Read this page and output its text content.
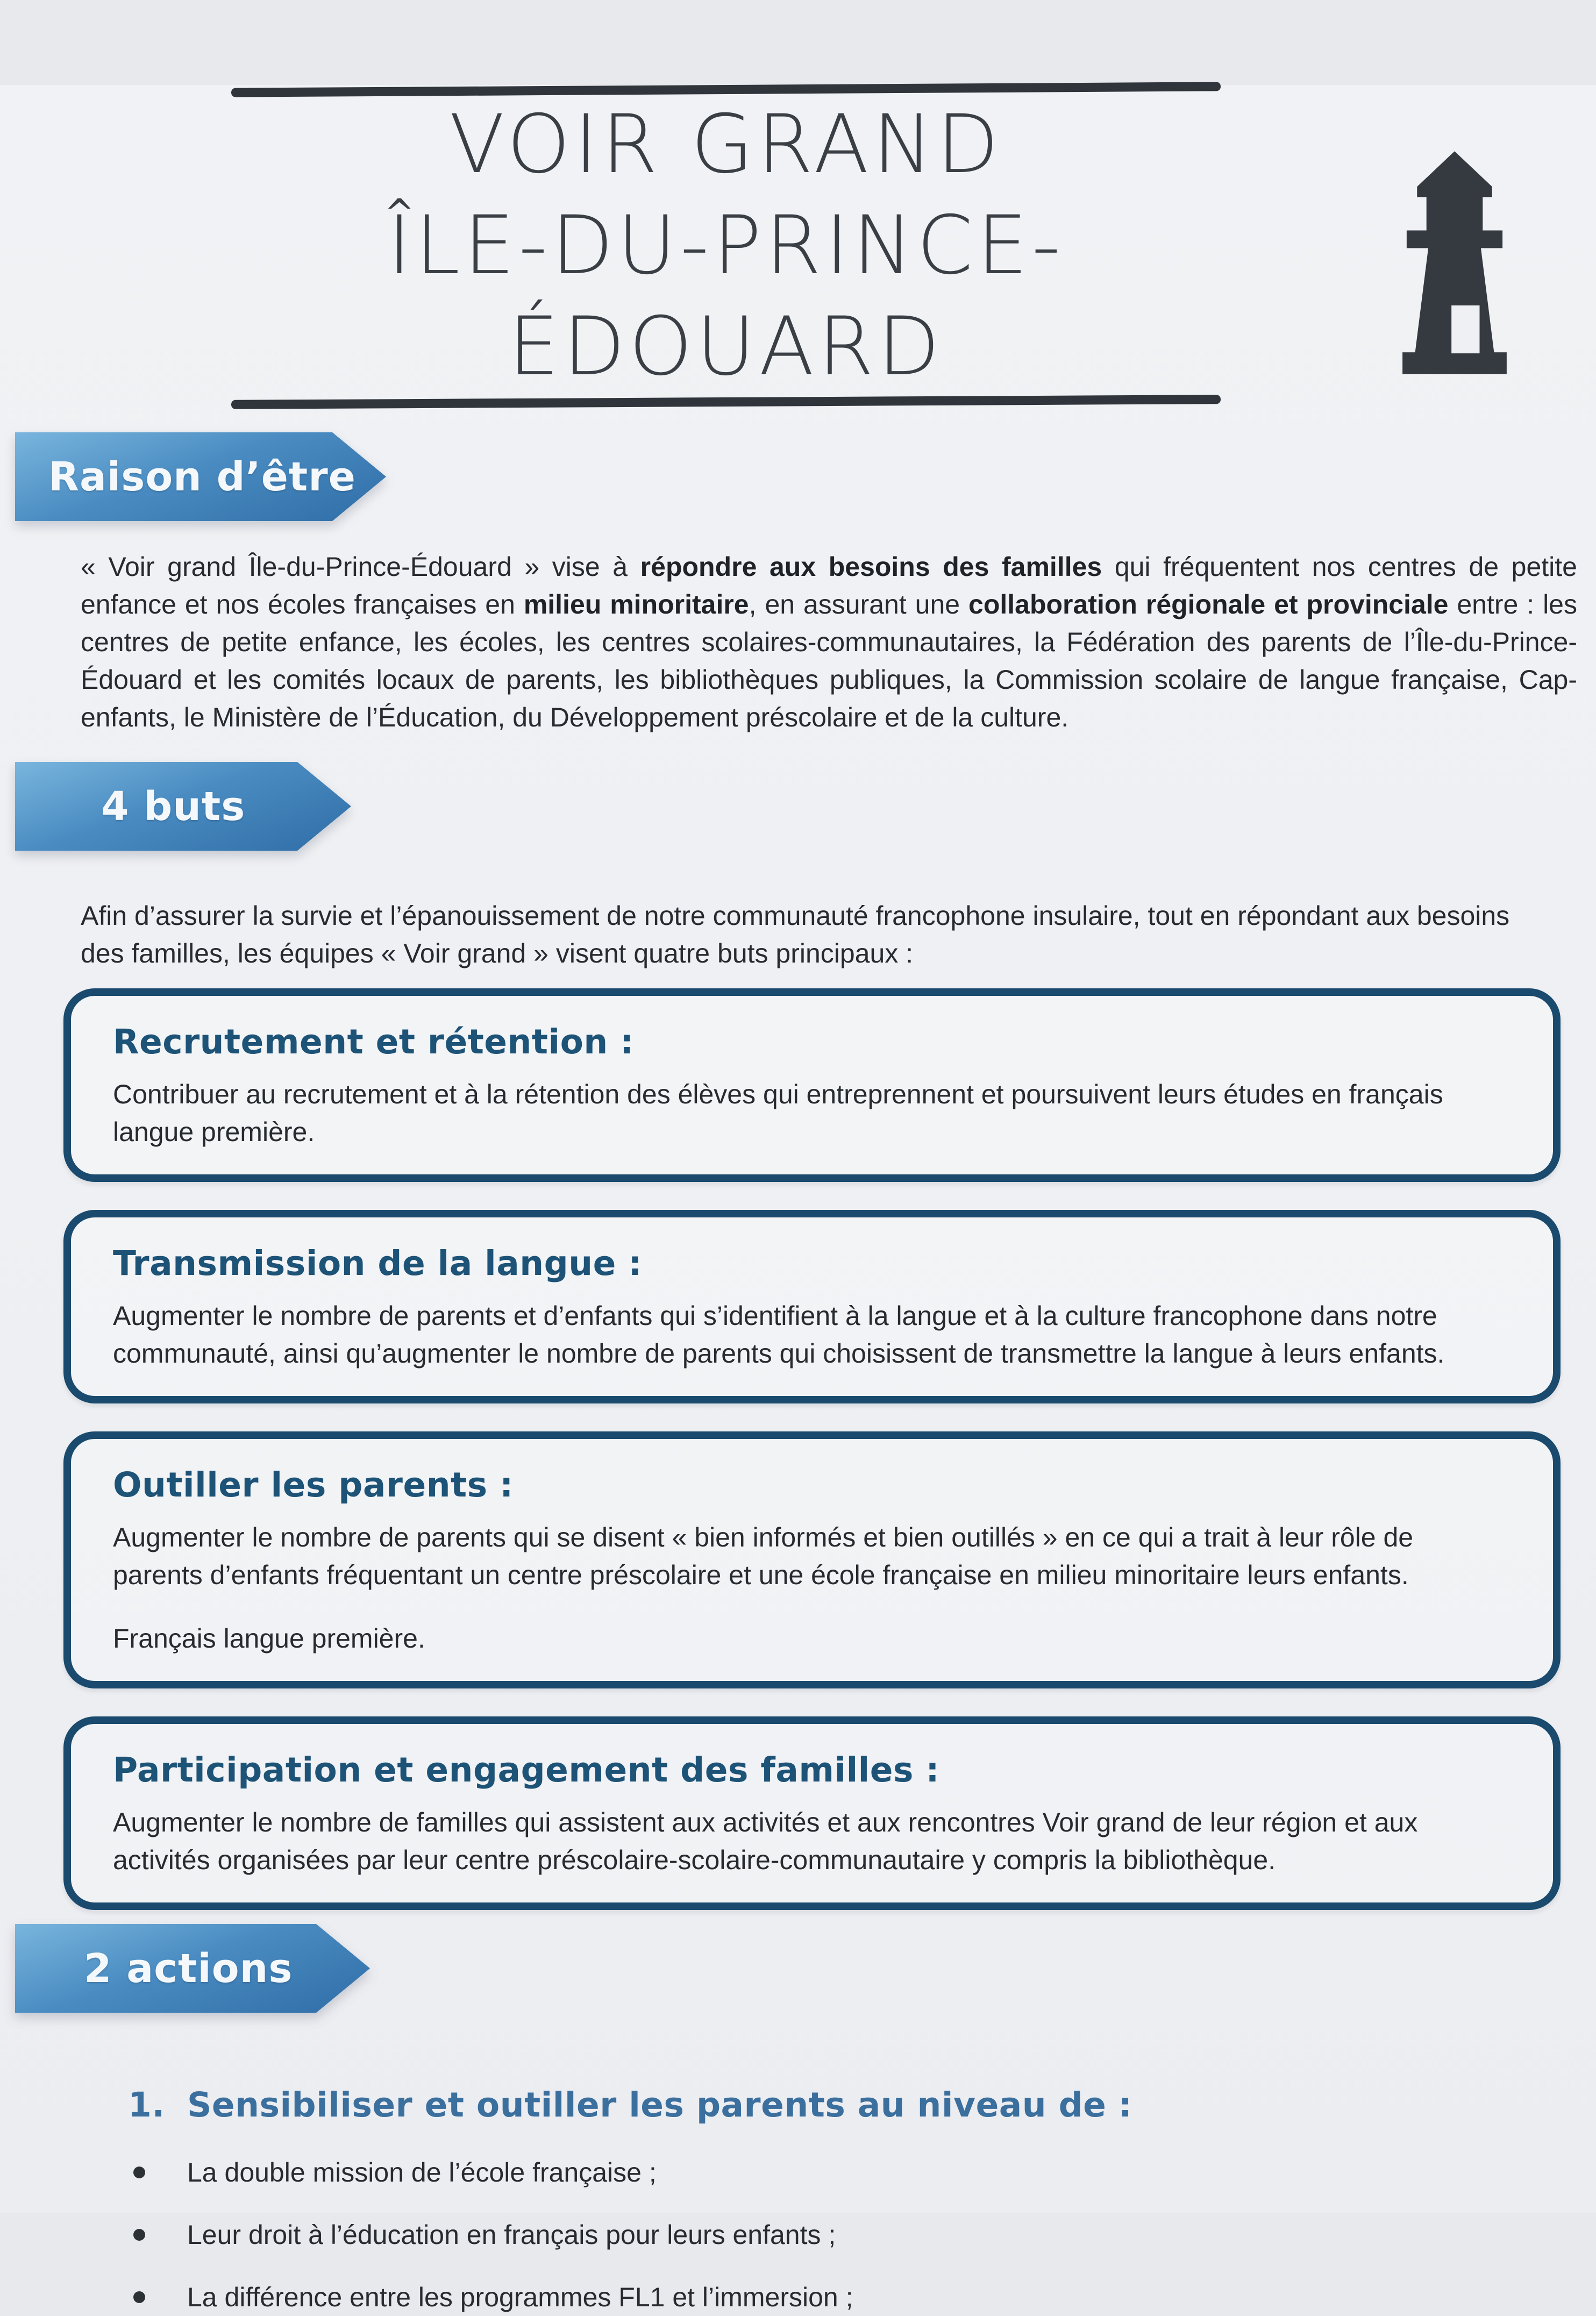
VOIR GRAND
ÎLE-DU-PRINCE-ÉDOUARD
Raison d’être

« Voir grand Île-du-Prince-Édouard » vise à répondre aux besoins des familles qui fréquentent nos centres de petite enfance et nos écoles françaises en milieu minoritaire, en assurant une collaboration régionale et provinciale entre : les centres de petite enfance, les écoles, les centres scolaires-communautaires, la Fédération des parents de l’Île-du-Prince-Édouard et les comités locaux de parents, les bibliothèques publiques, la Commission scolaire de langue française, Cap-enfants, le Ministère de l’Éducation, du Développement préscolaire et de la culture.

4 buts

Afin d’assurer la survie et l’épanouissement de notre communauté francophone insulaire, tout en répondant aux besoins des familles, les équipes « Voir grand » visent quatre buts principaux :

Recrutement et rétention :

Contribuer au recrutement et à la rétention des élèves qui entreprennent et poursuivent leurs études en français langue première.

Transmission de la langue :

Augmenter le nombre de parents et d’enfants qui s’identifient à la langue et à la culture francophone dans notre communauté, ainsi qu’augmenter le nombre de parents qui choisissent de transmettre la langue à leurs enfants.

Outiller les parents :

Augmenter le nombre de parents qui se disent « bien informés et bien outillés » en ce qui a trait à leur rôle de parents d’enfants fréquentant un centre préscolaire et une école française en milieu minoritaire leurs enfants.

Français langue première.

Participation et engagement des familles :

Augmenter le nombre de familles qui assistent aux activités et aux rencontres Voir grand de leur région et aux activités organisées par leur centre préscolaire-scolaire-communautaire y compris la bibliothèque.

2 actions
1. Sensibiliser et outiller les parents au niveau de :
La double mission de l’école française ;
Leur droit à l’éducation en français pour leurs enfants ;
La différence entre les programmes FL1 et l’immersion ;
